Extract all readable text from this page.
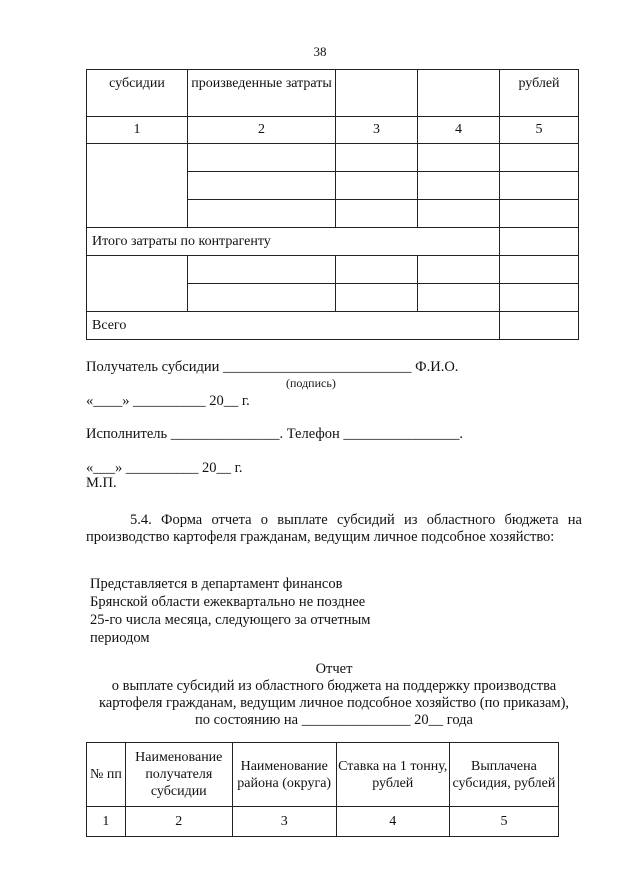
38
субсидии	произведенные затраты			рублей
1	2	3	4	5

Итого затраты по контрагенту				

Всего				
Получатель субсидии __________________________ Ф.И.О.
(подпись)
«____» __________ 20__ г.
Исполнитель _______________. Телефон ________________.
«___» __________ 20__ г.
М.П.
5.4. Форма отчета о выплате субсидий из областного бюджета на производство картофеля гражданам, ведущим личное подсобное хозяйство:
Представляется в департамент финансов
Брянской области ежеквартально не позднее
25-го числа месяца, следующего за отчетным
периодом
Отчет
о выплате субсидий из областного бюджета на поддержку производства
картофеля гражданам, ведущим личное подсобное хозяйство (по приказам),
по состоянию на _______________ 20__ года
№ пп	Наименование получателя субсидии	Наименование района (округа)	Ставка на 1 тонну, рублей	Выплачена субсидия, рублей
1	2	3	4	5
